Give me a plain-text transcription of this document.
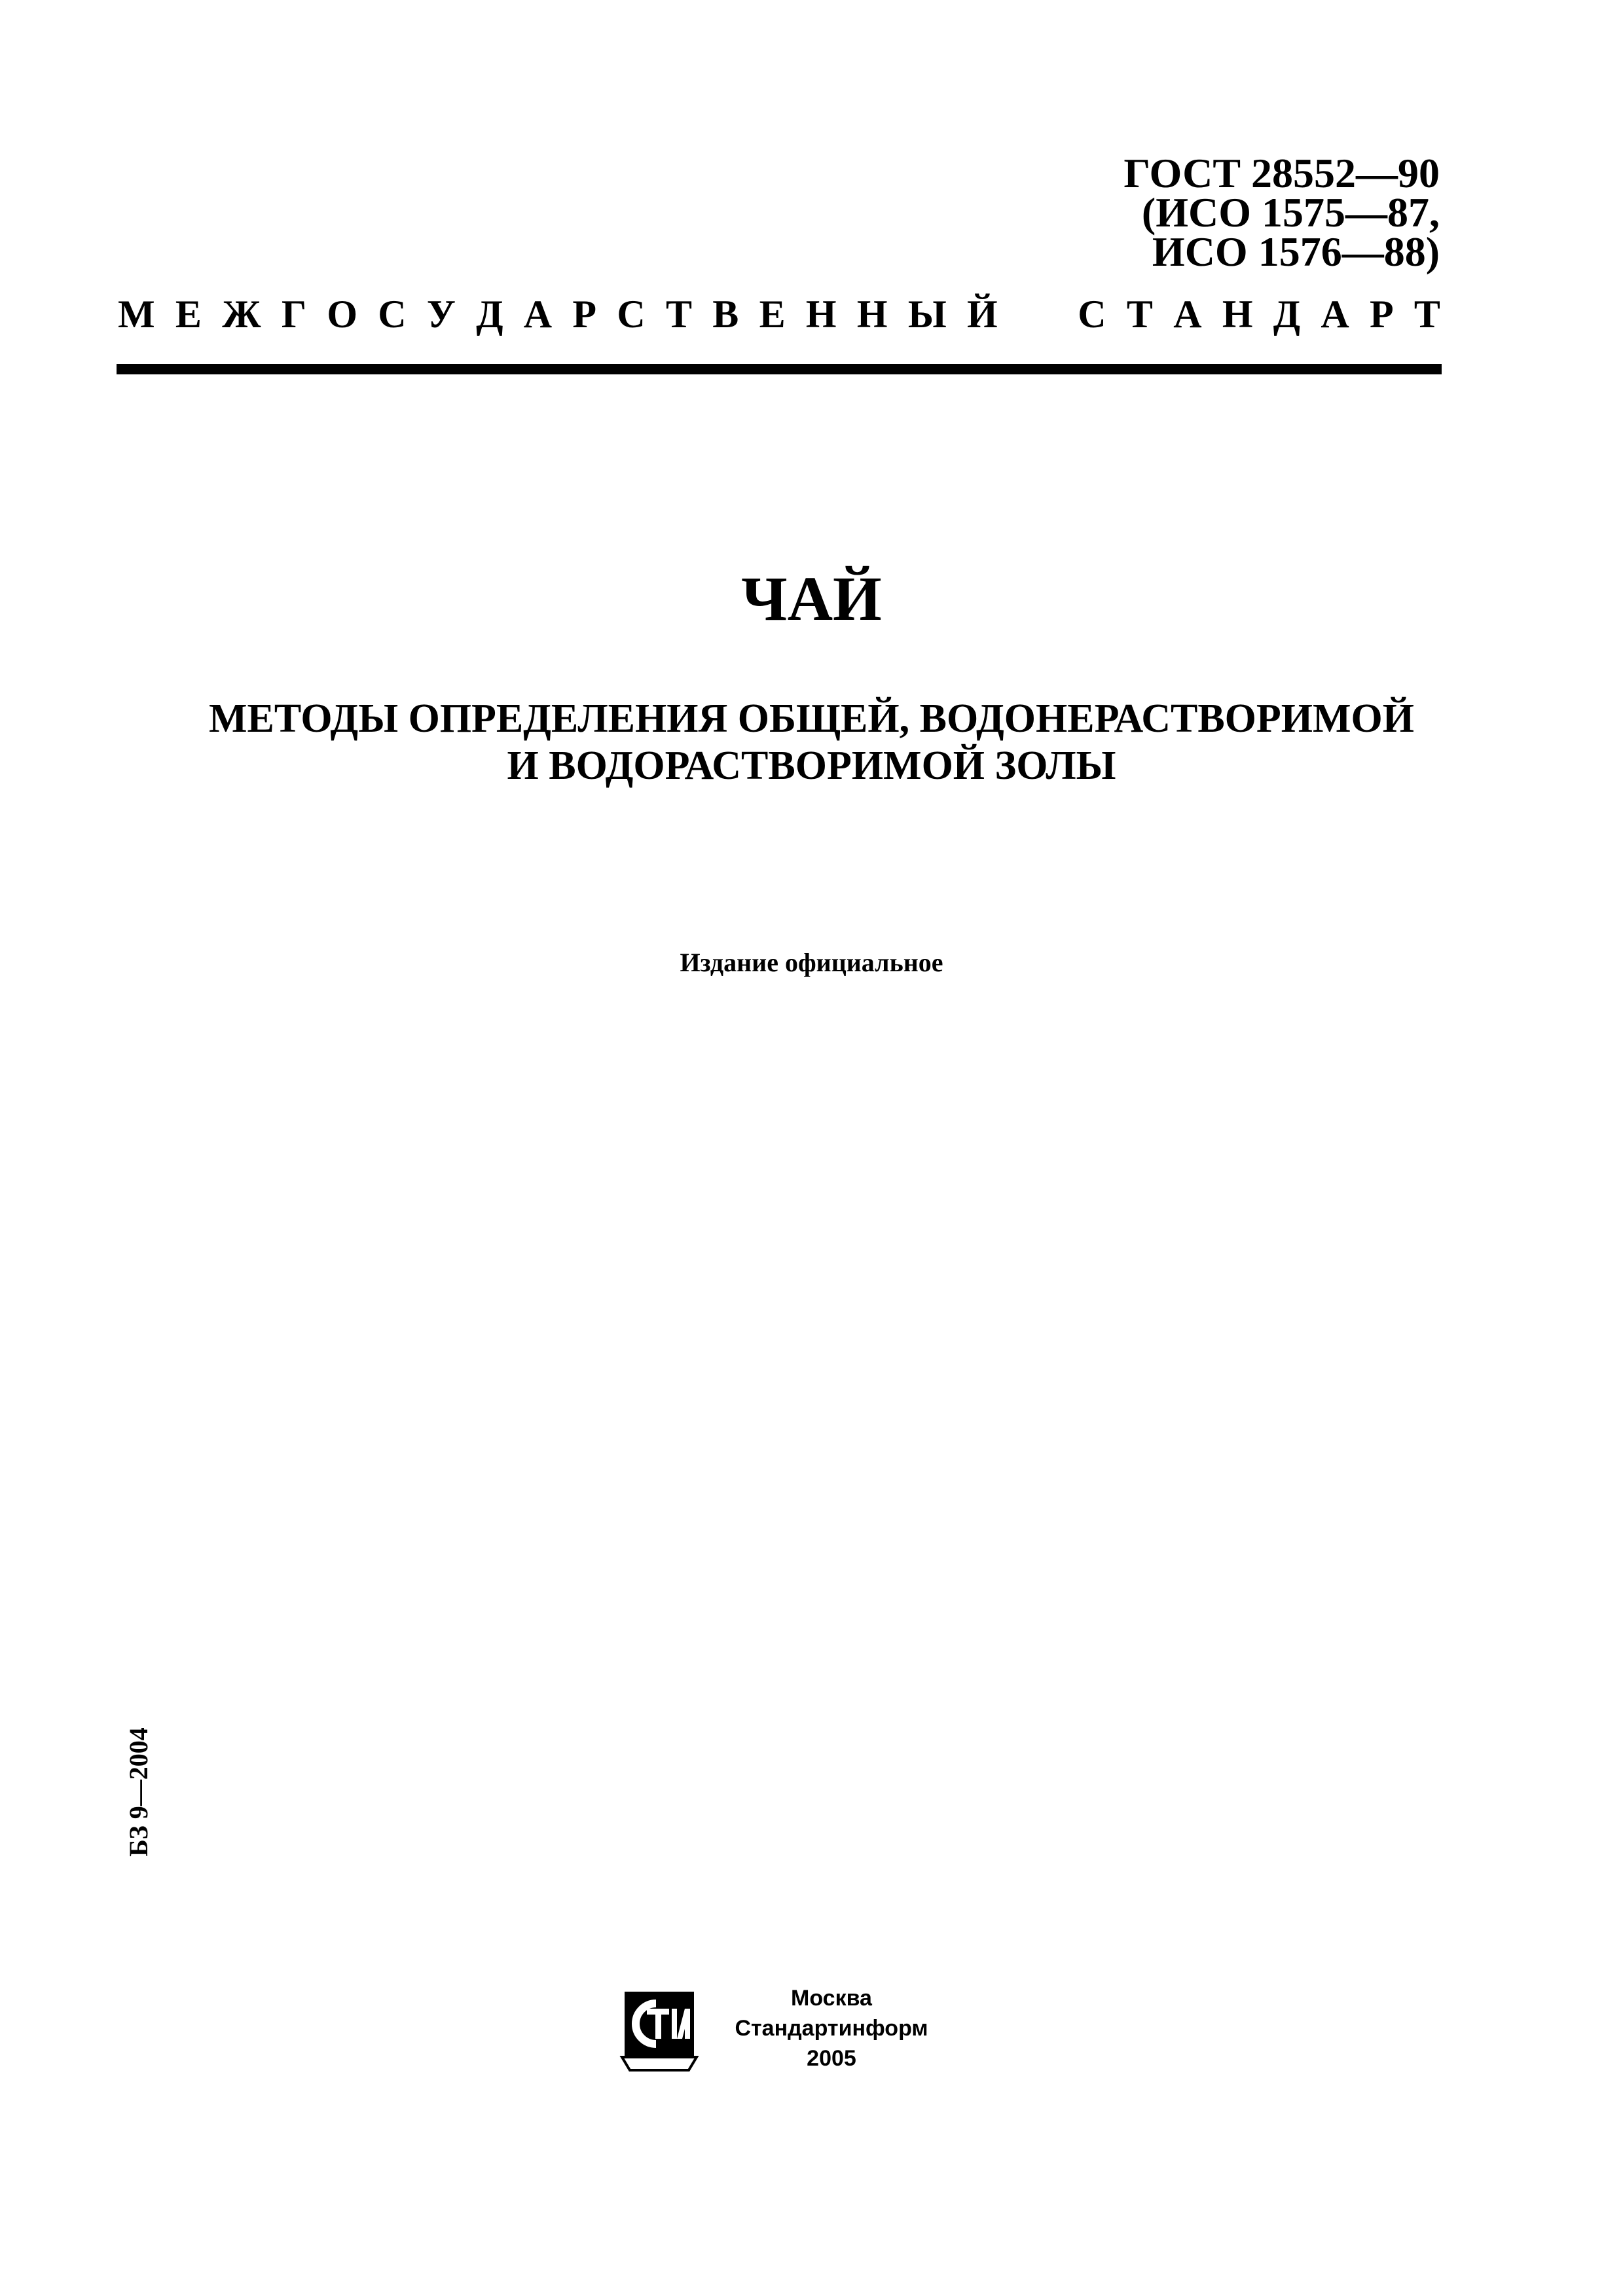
ГОСТ 28552—90
(ИСО 1575—87,
ИСО 1576—88)
М Е Ж Г О С У Д А Р С Т В Е Н Н Ы Й С Т А Н Д А Р Т
ЧАЙ
МЕТОДЫ ОПРЕДЕЛЕНИЯ ОБЩЕЙ, ВОДОНЕРАСТВОРИМОЙ
И ВОДОРАСТВОРИМОЙ ЗОЛЫ
Издание официальное
БЗ 9—2004
Москва
Стандартинформ
2005
